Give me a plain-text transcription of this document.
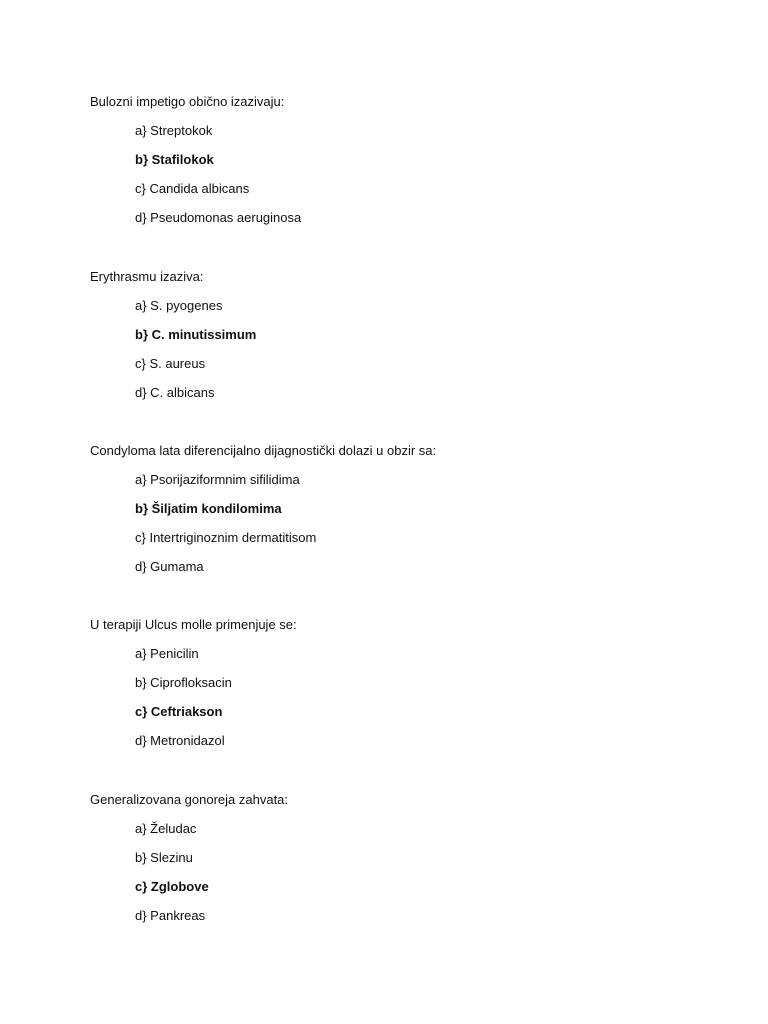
Bulozni impetigo obično izazivaju:
a} Streptokok
b} Stafilokok
c} Candida albicans
d} Pseudomonas aeruginosa
Erythrasmu izaziva:
a} S. pyogenes
b} C. minutissimum
c} S. aureus
d} C. albicans
Condyloma lata diferencijalno dijagnostički dolazi u obzir sa:
a} Psorijaziformnim sifilidima
b} Šiljatim kondilomima
c} Intertriginoznim dermatitisom
d} Gumama
U terapiji Ulcus molle primenjuje se:
a} Penicilin
b} Ciprofloksacin
c} Ceftriakson
d} Metronidazol
Generalizovana gonoreja zahvata:
a} Želudac
b} Slezinu
c} Zglobove
d} Pankreas
